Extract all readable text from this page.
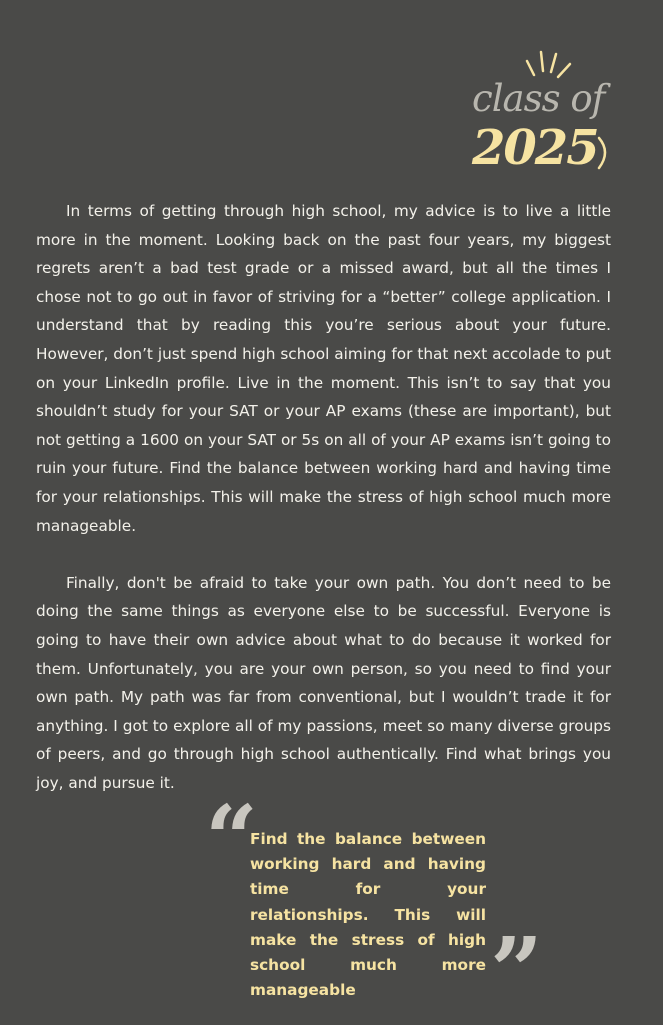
class of
2025

In terms of getting through high school, my advice is to live a little more in the moment. Looking back on the past four years, my biggest regrets aren’t a bad test grade or a missed award, but all the times I chose not to go out in favor of striving for a “better” college application. I understand that by reading this you’re serious about your future. However, don’t just spend high school aiming for that next accolade to put on your LinkedIn profile. Live in the moment. This isn’t to say that you shouldn’t study for your SAT or your AP exams (these are important), but not getting a 1600 on your SAT or 5s on all of your AP exams isn’t going to ruin your future. Find the balance between working hard and having time for your relationships. This will make the stress of high school much more manageable.

Finally, don't be afraid to take your own path. You don’t need to be doing the same things as everyone else to be successful. Everyone is going to have their own advice about what to do because it worked for them. Unfortunately, you are your own person, so you need to find your own path. My path was far from conventional, but I wouldn’t trade it for anything. I got to explore all of my passions, meet so many diverse groups of peers, and go through high school authentically. Find what brings you joy, and pursue it.

“

Find the balance between working hard and having time for your relationships. This will make the stress of high school much more manageable	”
